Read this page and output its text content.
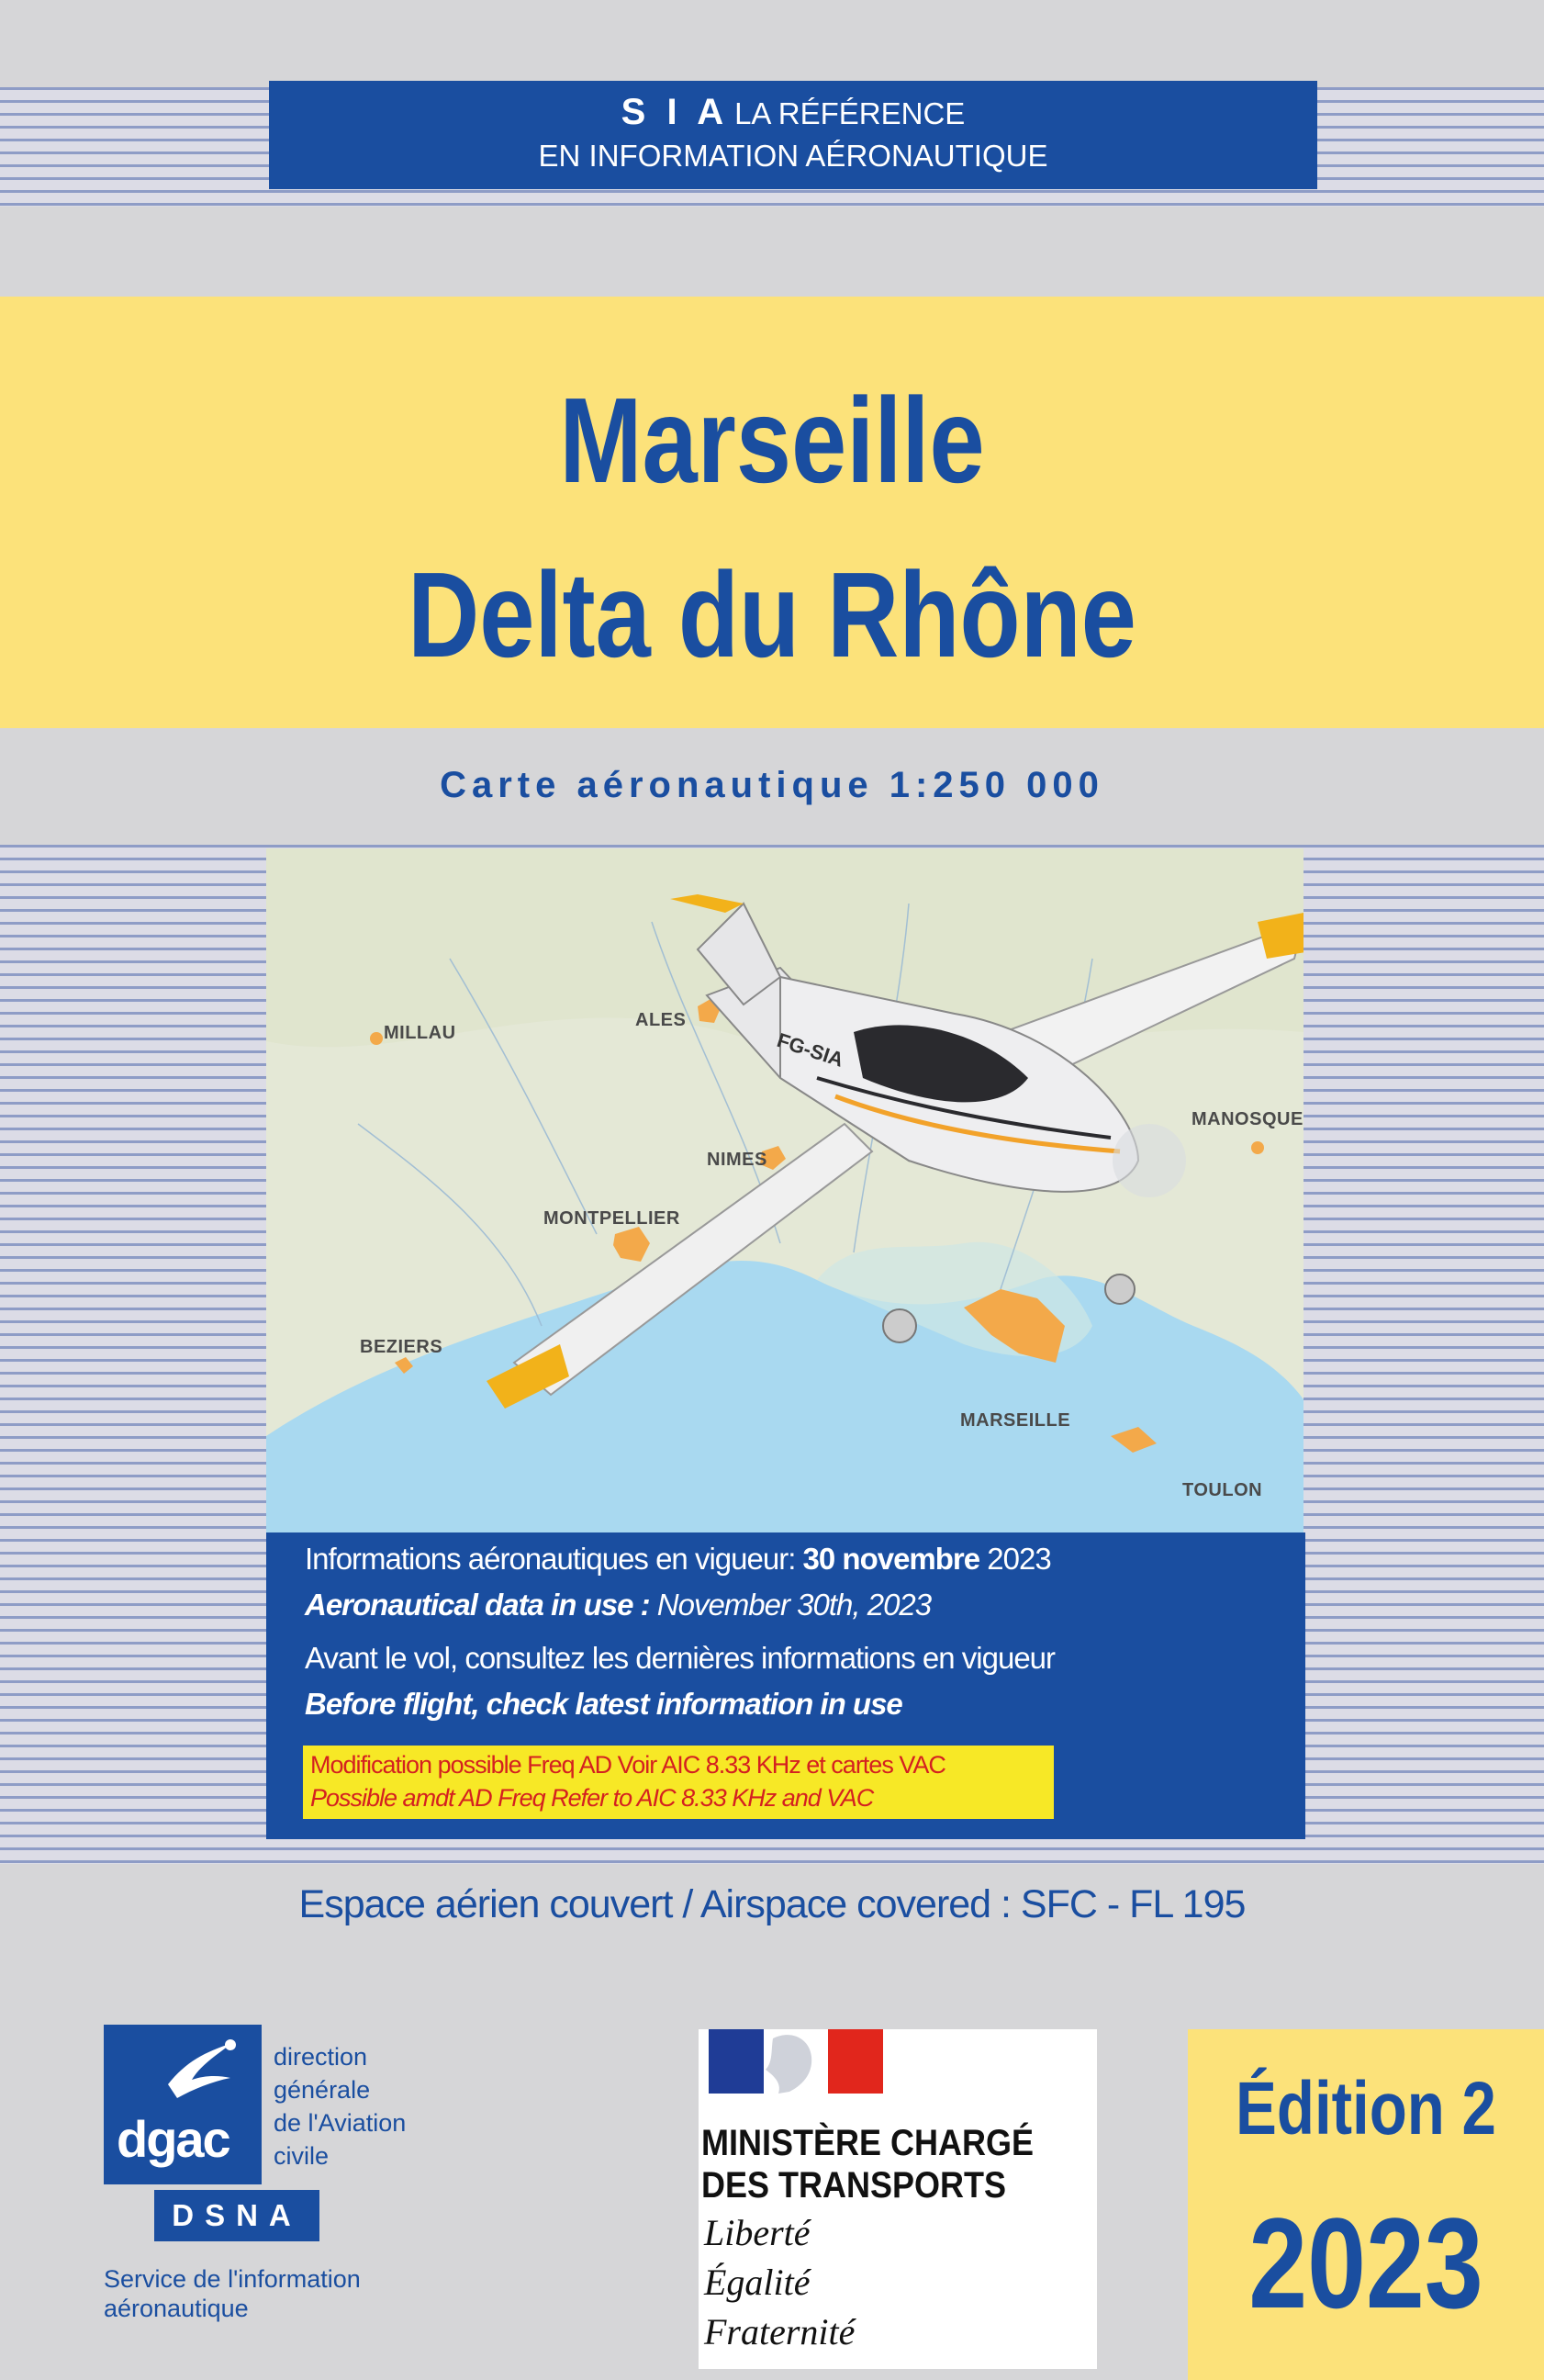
S I A LA RÉFÉRENCE
EN INFORMATION AÉRONAUTIQUE
Marseille
Delta du Rhône
Carte aéronautique 1:250 000
FG-SIA
MILLAU
ALES
NIMES
MONTPELLIER
MANOSQUE
BEZIERS
MARSEILLE
TOULON
Informations aéronautiques en vigueur: 30 novembre 2023
Aeronautical data in use : November 30th, 2023
Avant le vol, consultez les dernières informations en vigueur
Before flight, check latest information in use
Modification possible Freq AD Voir AIC 8.33 KHz et cartes VAC
Possible amdt AD Freq Refer to AIC 8.33 KHz and VAC
Espace aérien couvert / Airspace covered : SFC - FL 195
dgac
DSNA
direction
générale
de l'Aviation
civile
Service de l'information
aéronautique
MINISTÈRE CHARGÉ
DES TRANSPORTS
Liberté
Égalité
Fraternité
Édition 2
2023
